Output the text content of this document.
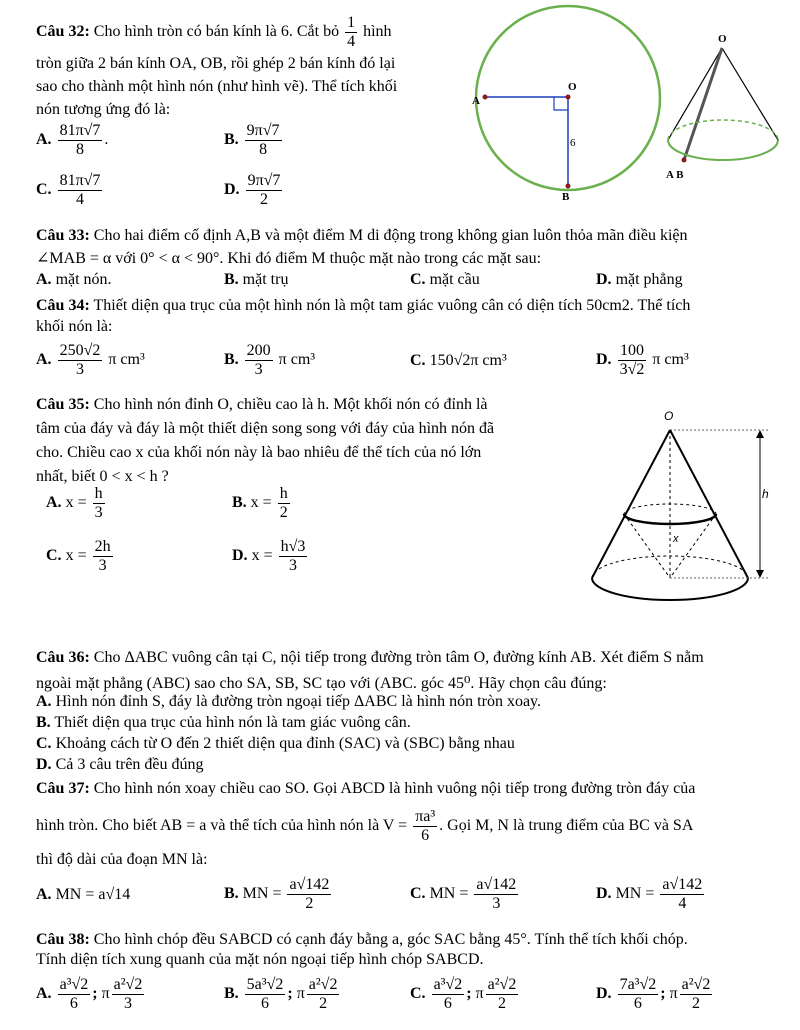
Câu 32: Cho hình tròn có bán kính là 6. Cắt bỏ $\frac{1}{4}$ hình
tròn giữa 2 bán kính OA, OB, rồi ghép 2 bán kính đó lại
sao cho thành một hình nón (như hình vẽ). Thể tích khối
nón tương ứng đó là:
A. $\frac{81\pi√7}{8}$ .	B. $\frac{9\pi√7}{8}$
C. $\frac{81\pi√7}{4}$	D. $\frac{9\pi√7}{2}$
O
A
B
6
O
A B
Câu 33: Cho hai điểm cố định A,B và một điểm M di động trong không gian luôn thỏa mãn điều kiện
∠MAB = α với 0° < α < 90°. Khi đó điểm M thuộc mặt nào trong các mặt sau:
A. mặt nón.	B. mặt trụ	C. mặt cầu	D. mặt phẳng
Câu 34: Thiết diện qua trục của một hình nón là một tam giác vuông cân có diện tích 50cm2. Thể tích
khối nón là:
A. $\frac{250√2}{3}$ π cm³	B. $\frac{200}{3}$ π cm³	C. 150√2π cm³	D. $\frac{100}{3√2}$ π cm³
Câu 35: Cho hình nón đỉnh O, chiều cao là h. Một khối nón có đỉnh là
tâm của đáy và đáy là một thiết diện song song với đáy của hình nón đã
cho. Chiều cao x của khối nón này là bao nhiêu để thể tích của nó lớn
nhất, biết 0 < x < h ?
A. $x = \frac{h}{3}$	B. $x = \frac{h}{2}$
C. $x = \frac{2h}{3}$	D. $x = \frac{h√3}{3}$
O
x
h
Câu 36: Cho ΔABC vuông cân tại C, nội tiếp trong đường tròn tâm O, đường kính AB. Xét điểm S nằm
ngoài mặt phẳng (ABC) sao cho SA, SB, SC tạo với (ABC. góc 45⁰. Hãy chọn câu đúng:
A. Hình nón đỉnh S, đáy là đường tròn ngoại tiếp ΔABC là hình nón tròn xoay.
B. Thiết diện qua trục của hình nón là tam giác vuông cân.
C. Khoảng cách từ O đến 2 thiết diện qua đỉnh (SAC) và (SBC) bằng nhau
D. Cả 3 câu trên đều đúng
Câu 37: Cho hình nón xoay chiều cao SO. Gọi ABCD là hình vuông nội tiếp trong đường tròn đáy của
hình tròn. Cho biết AB = a và thể tích của hình nón là $V = \frac{\text{πa³}}{6}$ . Gọi M, N là trung điểm của BC và SA
thì độ dài của đoạn MN là:
A. MN = a√14	B. MN = $\frac{a√142}{2}$	C. MN = $\frac{a√142}{3}$	D. MN = $\frac{a√142}{4}$
Câu 38: Cho hình chóp đều SABCD có cạnh đáy bằng a, góc SAC bằng 45°. Tính thể tích khối chóp.
Tính diện tích xung quanh của mặt nón ngoại tiếp hình chóp SABCD.
A. $\frac{\text{a³√2}}{6}$ ; π $\frac{\text{a²√2}}{3}$	B. $\frac{\text{5a³√2}}{6}$ ; π $\frac{\text{a²√2}}{2}$	C. $\frac{\text{a³√2}}{6}$ ; π $\frac{\text{a²√2}}{2}$	D. $\frac{\text{7a³√2}}{6}$ ; π $\frac{\text{a²√2}}{2}$
